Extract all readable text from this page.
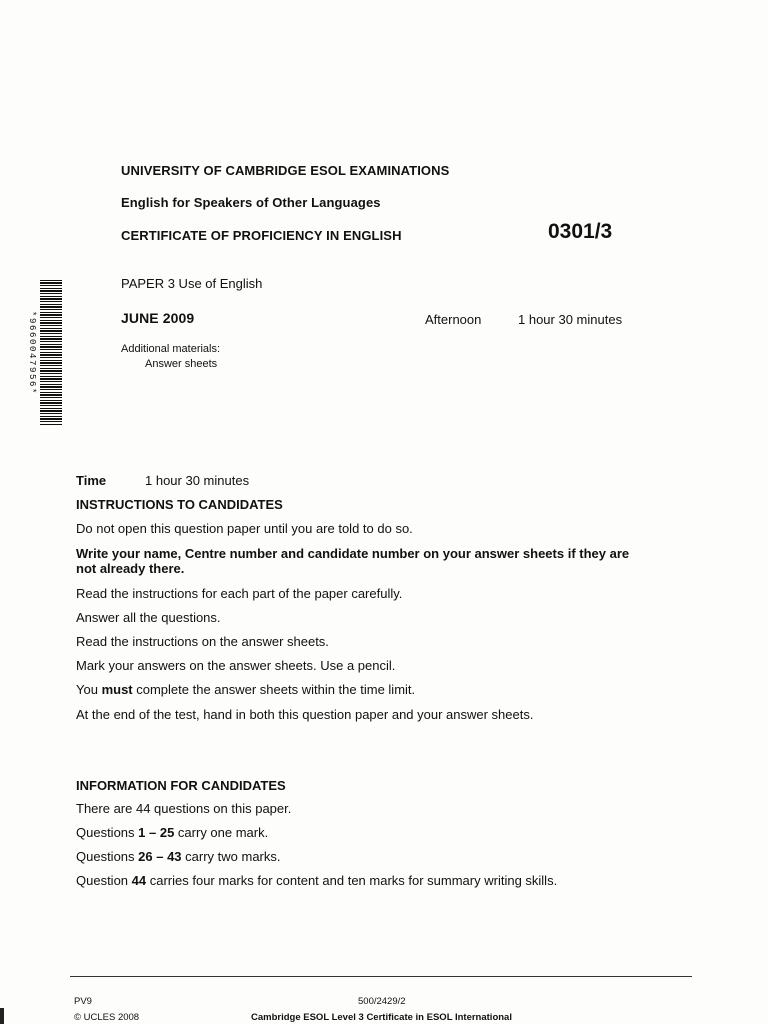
UNIVERSITY OF CAMBRIDGE ESOL EXAMINATIONS
English for Speakers of Other Languages
CERTIFICATE OF PROFICIENCY IN ENGLISH	0301/3
PAPER 3 Use of English
JUNE 2009	Afternoon	1 hour 30 minutes
Additional materials:
Answer sheets
*9660047956*
Time	1 hour 30 minutes
INSTRUCTIONS TO CANDIDATES
Do not open this question paper until you are told to do so.
Write your name, Centre number and candidate number on your answer sheets if they are
not already there.
Read the instructions for each part of the paper carefully.
Answer all the questions.
Read the instructions on the answer sheets.
Mark your answers on the answer sheets. Use a pencil.
You must complete the answer sheets within the time limit.
At the end of the test, hand in both this question paper and your answer sheets.
INFORMATION FOR CANDIDATES
There are 44 questions on this paper.
Questions 1 – 25 carry one mark.
Questions 26 – 43 carry two marks.
Question 44 carries four marks for content and ten marks for summary writing skills.
PV9
© UCLES 2008
500/2429/2
Cambridge ESOL Level 3 Certificate in ESOL International
